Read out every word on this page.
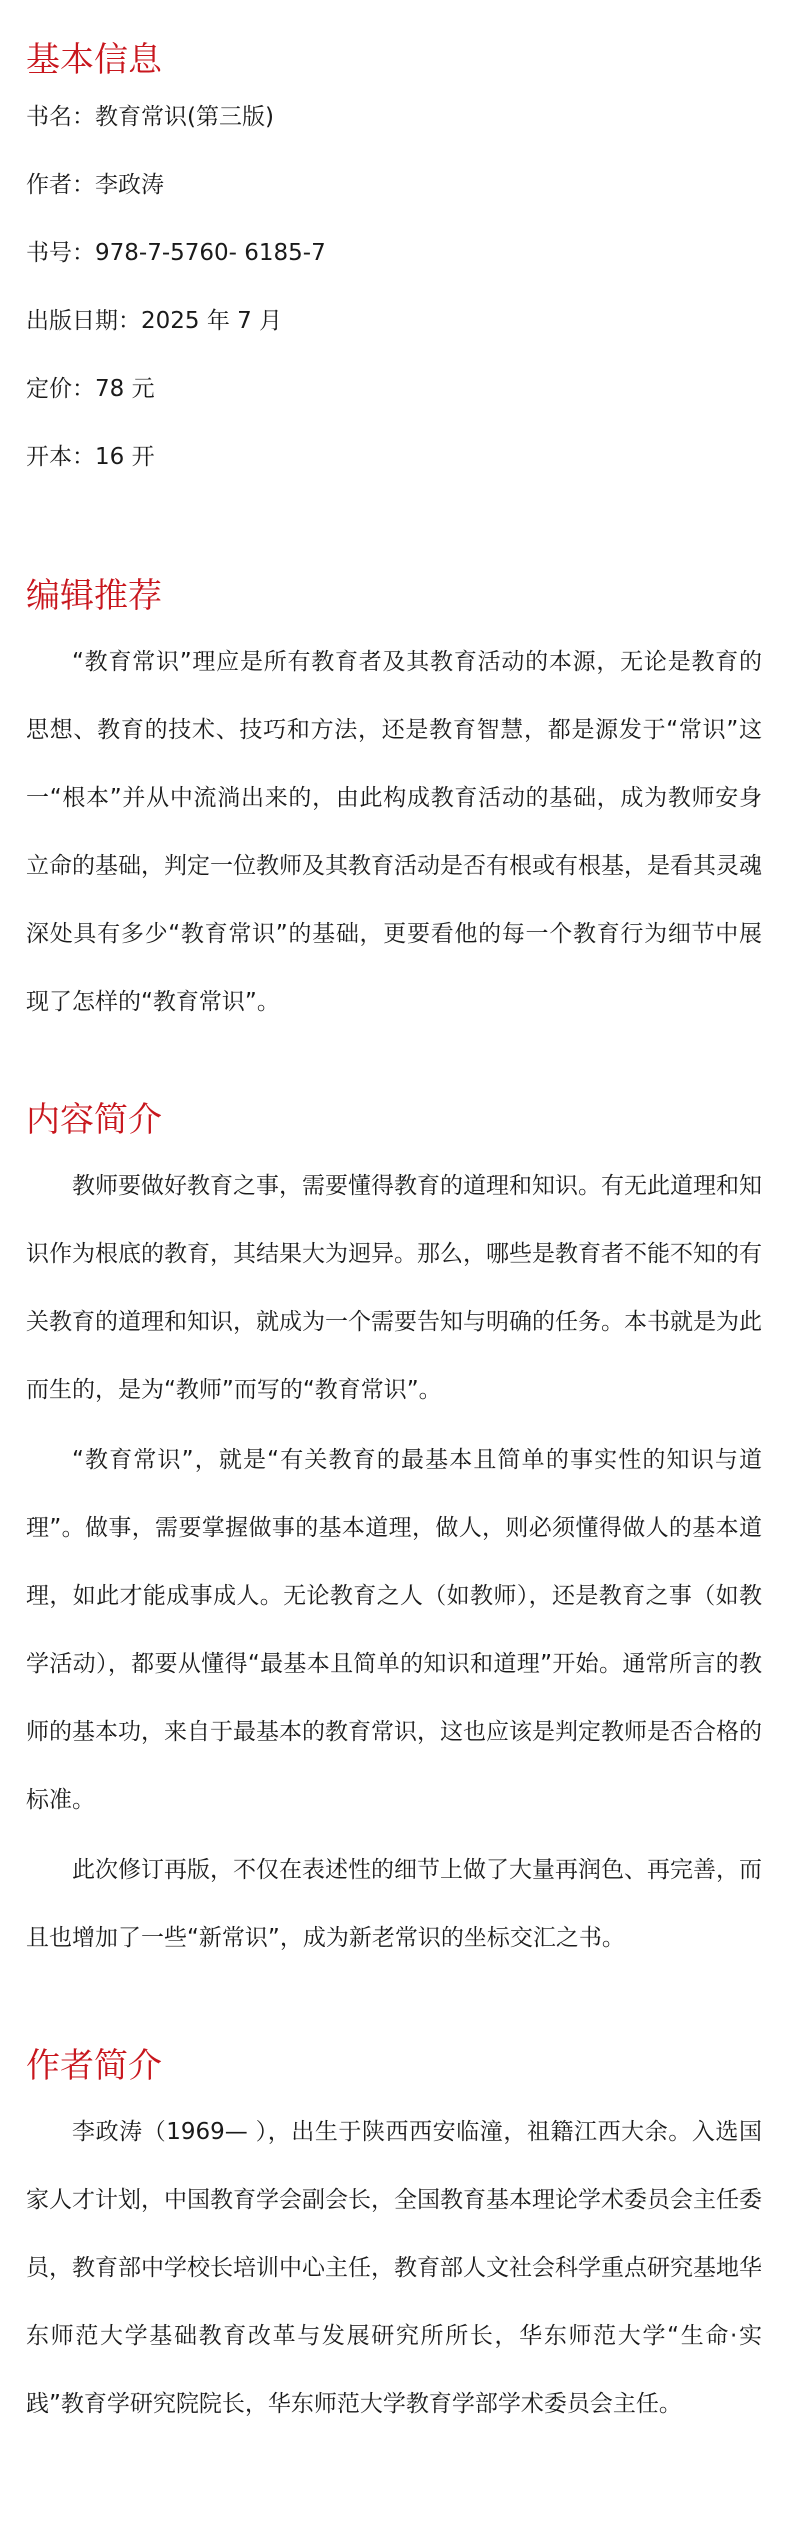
基本信息

书名：教育常识(第三版)

作者：李政涛

书号：978-7-5760- 6185-7

出版日期：2025 年 7 月

定价：78 元

开本：16 开

编辑推荐

“教育常识”理应是所有教育者及其教育活动的本源，无论是教育的思想、教育的技术、技巧和方法，还是教育智慧，都是源发于“常识”这一“根本”并从中流淌出来的，由此构成教育活动的基础，成为教师安身立命的基础，判定一位教师及其教育活动是否有根或有根基，是看其灵魂深处具有多少“教育常识”的基础，更要看他的每一个教育行为细节中展现了怎样的“教育常识”。

内容简介

教师要做好教育之事，需要懂得教育的道理和知识。有无此道理和知识作为根底的教育，其结果大为迥异。那么，哪些是教育者不能不知的有关教育的道理和知识，就成为一个需要告知与明确的任务。本书就是为此而生的，是为“教师”而写的“教育常识”。

“教育常识”，就是“有关教育的最基本且简单的事实性的知识与道理”。做事，需要掌握做事的基本道理，做人，则必须懂得做人的基本道理，如此才能成事成人。无论教育之人（如教师），还是教育之事（如教学活动），都要从懂得“最基本且简单的知识和道理”开始。通常所言的教师的基本功，来自于最基本的教育常识，这也应该是判定教师是否合格的标准。

此次修订再版，不仅在表述性的细节上做了大量再润色、再完善，而且也增加了一些“新常识”，成为新老常识的坐标交汇之书。

作者简介

李政涛（1969— ），出生于陕西西安临潼，祖籍江西大余。入选国家人才计划，中国教育学会副会长，全国教育基本理论学术委员会主任委员，教育部中学校长培训中心主任，教育部人文社会科学重点研究基地华东师范大学基础教育改革与发展研究所所长，华东师范大学“生命·实践”教育学研究院院长，华东师范大学教育学部学术委员会主任。
